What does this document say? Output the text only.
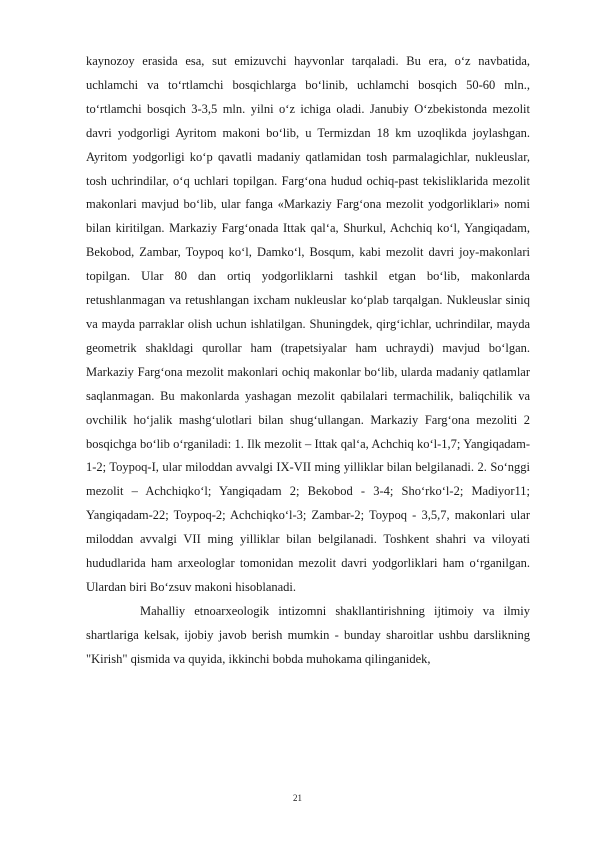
kaynozoy erasida esa, sut emizuvchi hayvonlar tarqaladi. Bu era, o‘z navbatida, uchlamchi va to‘rtlamchi bosqichlarga bo‘linib, uchlamchi bosqich 50-60 mln., to‘rtlamchi bosqich 3-3,5 mln. yilni o‘z ichiga oladi. Janubiy O‘zbekistonda mezolit davri yodgorligi Ayritom makoni bo‘lib, u Termizdan 18 km uzoqlikda joylashgan. Ayritom yodgorligi ko‘p qavatli madaniy qatlamidan tosh parmalagichlar, nukleuslar, tosh uchrindilar, o‘q uchlari topilgan. Farg‘ona hudud ochiq-past tekisliklarida mezolit makonlari mavjud bo‘lib, ular fanga «Markaziy Farg‘ona mezolit yodgorliklari» nomi bilan kiritilgan. Markaziy Farg‘onada Ittak qal‘a, Shurkul, Achchiq ko‘l, Yangiqadam, Bekobod, Zambar, Toypoq ko‘l, Damko‘l, Bosqum, kabi mezolit davri joy-makonlari topilgan. Ular 80 dan ortiq yodgorliklarni tashkil etgan bo‘lib, makonlarda retushlanmagan va retushlangan ixcham nukleuslar ko‘plab tarqalgan. Nukleuslar siniq va mayda parraklar olish uchun ishlatilgan. Shuningdek, qirg‘ichlar, uchrindilar, mayda geometrik shakldagi qurollar ham (trapetsiyalar ham uchraydi) mavjud bo‘lgan. Markaziy Farg‘ona mezolit makonlari ochiq makonlar bo‘lib, ularda madaniy qatlamlar saqlanmagan. Bu makonlarda yashagan mezolit qabilalari termachilik, baliqchilik va ovchilik ho‘jalik mashg‘ulotlari bilan shug‘ullangan. Markaziy Farg‘ona mezoliti 2 bosqichga bo‘lib o‘rganiladi: 1. Ilk mezolit – Ittak qal‘a, Achchiq ko‘l-1,7; Yangiqadam-1-2; Toypoq-I, ular miloddan avvalgi IX-VII ming yilliklar bilan belgilanadi. 2. So‘nggi mezolit – Achchiqko‘l; Yangiqadam 2; Bekobod - 3-4; Sho‘rko‘l-2; Madiyor11; Yangiqadam-22; Toypoq-2; Achchiqko‘l-3; Zambar-2; Toypoq - 3,5,7, makonlari ular miloddan avvalgi VII ming yilliklar bilan belgilanadi. Toshkent shahri va viloyati hududlarida ham arxeologlar tomonidan mezolit davri yodgorliklari ham o‘rganilgan. Ulardan biri Bo‘zsuv makoni hisoblanadi.

Mahalliy etnoarxeologik intizomni shakllantirishning ijtimoiy va ilmiy shartlariga kelsak, ijobiy javob berish mumkin - bunday sharoitlar ushbu darslikning "Kirish" qismida va quyida, ikkinchi bobda muhokama qilinganidek,

21
